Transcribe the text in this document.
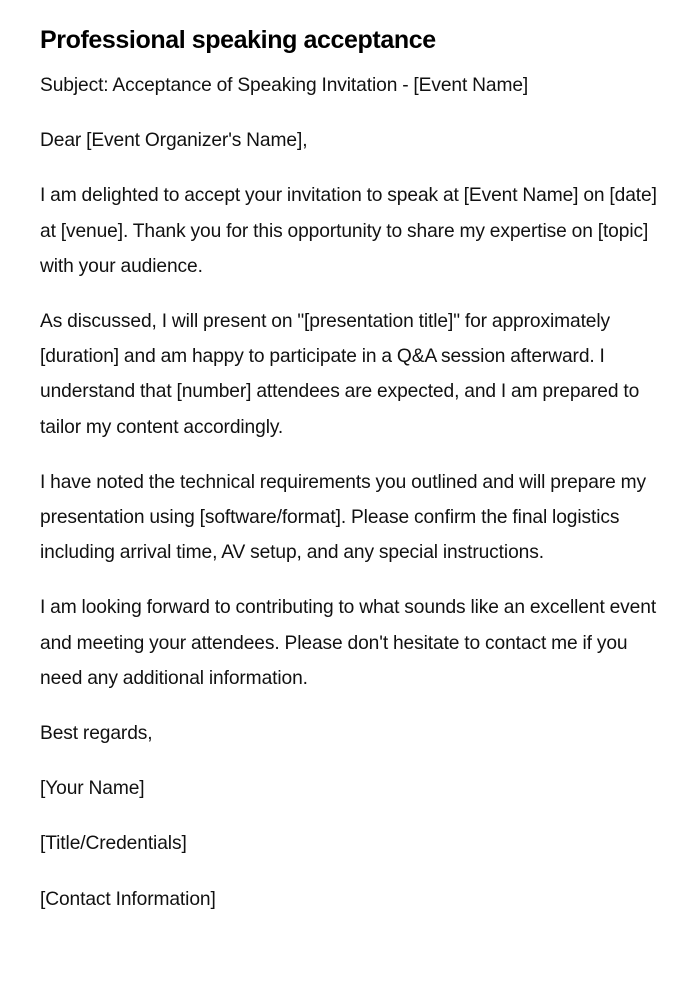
Professional speaking acceptance

Subject: Acceptance of Speaking Invitation - [Event Name]

Dear [Event Organizer's Name],

I am delighted to accept your invitation to speak at [Event Name] on [date] at [venue]. Thank you for this opportunity to share my expertise on [topic] with your audience.

As discussed, I will present on "[presentation title]" for approximately [duration] and am happy to participate in a Q&A session afterward. I understand that [number] attendees are expected, and I am prepared to tailor my content accordingly.

I have noted the technical requirements you outlined and will prepare my presentation using [software/format]. Please confirm the final logistics including arrival time, AV setup, and any special instructions.

I am looking forward to contributing to what sounds like an excellent event and meeting your attendees. Please don't hesitate to contact me if you need any additional information.

Best regards,

[Your Name]

[Title/Credentials]

[Contact Information]
